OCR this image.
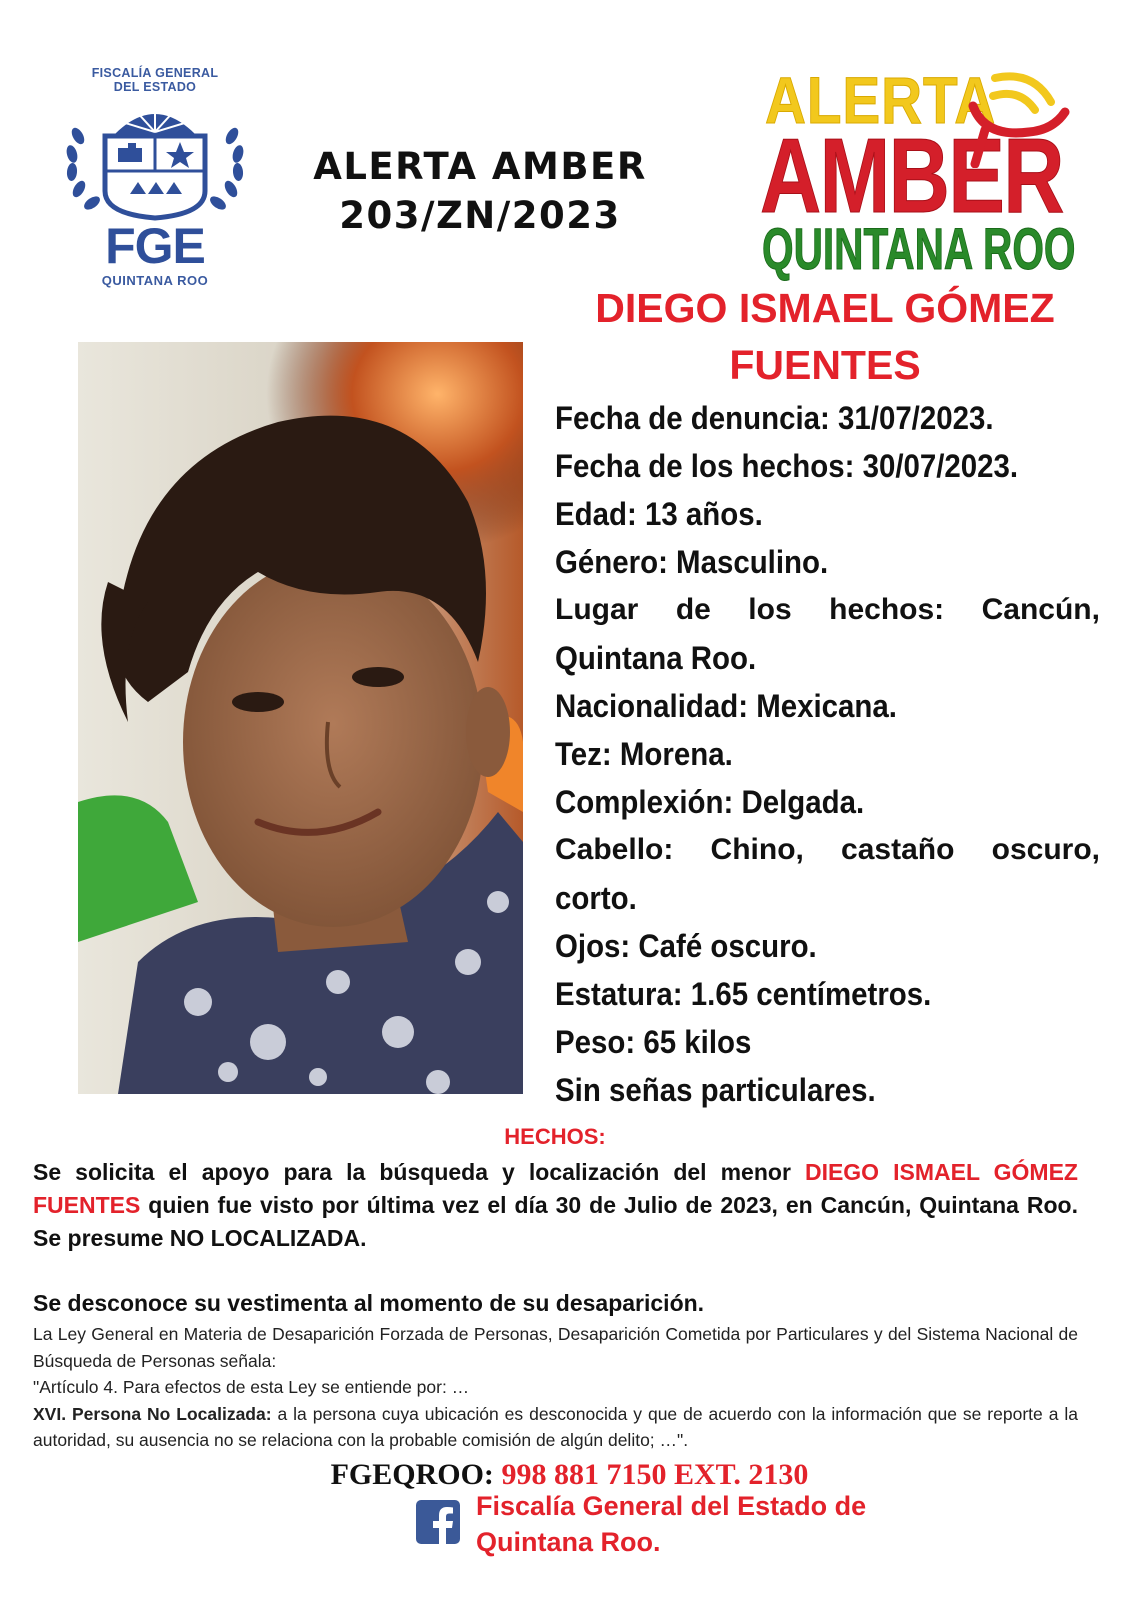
FISCALÍA GENERAL
DEL ESTADO
FGE
QUINTANA ROO
ALERTA AMBER
203/ZN/2023
ALERTA
AMBER
QUINTANA ROO
DIEGO ISMAEL GÓMEZ
FUENTES
Fecha de denuncia: 31/07/2023.
Fecha de los hechos: 30/07/2023.
Edad: 13 años.
Género: Masculino.
Lugar de los hechos: Cancún,
Quintana Roo.
Nacionalidad: Mexicana.
Tez: Morena.
Complexión: Delgada.
Cabello: Chino, castaño oscuro,
corto.
Ojos: Café oscuro.
Estatura: 1.65 centímetros.
Peso: 65 kilos
Sin señas particulares.
HECHOS:
Se solicita el apoyo para la búsqueda y localización del menor DIEGO ISMAEL GÓMEZ FUENTES quien fue visto por última vez el día 30 de Julio de 2023, en Cancún, Quintana Roo. Se presume NO LOCALIZADA.
Se desconoce su vestimenta al momento de su desaparición.

La Ley General en Materia de Desaparición Forzada de Personas, Desaparición Cometida por Particulares y del Sistema Nacional de Búsqueda de Personas señala:

"Artículo 4. Para efectos de esta Ley se entiende por: …

XVI. Persona No Localizada: a la persona cuya ubicación es desconocida y que de acuerdo con la información que se reporte a la autoridad, su ausencia no se relaciona con la probable comisión de algún delito; …".

FGEQROO: 998 881 7150 EXT. 2130
Fiscalía General del Estado de
Quintana Roo.
